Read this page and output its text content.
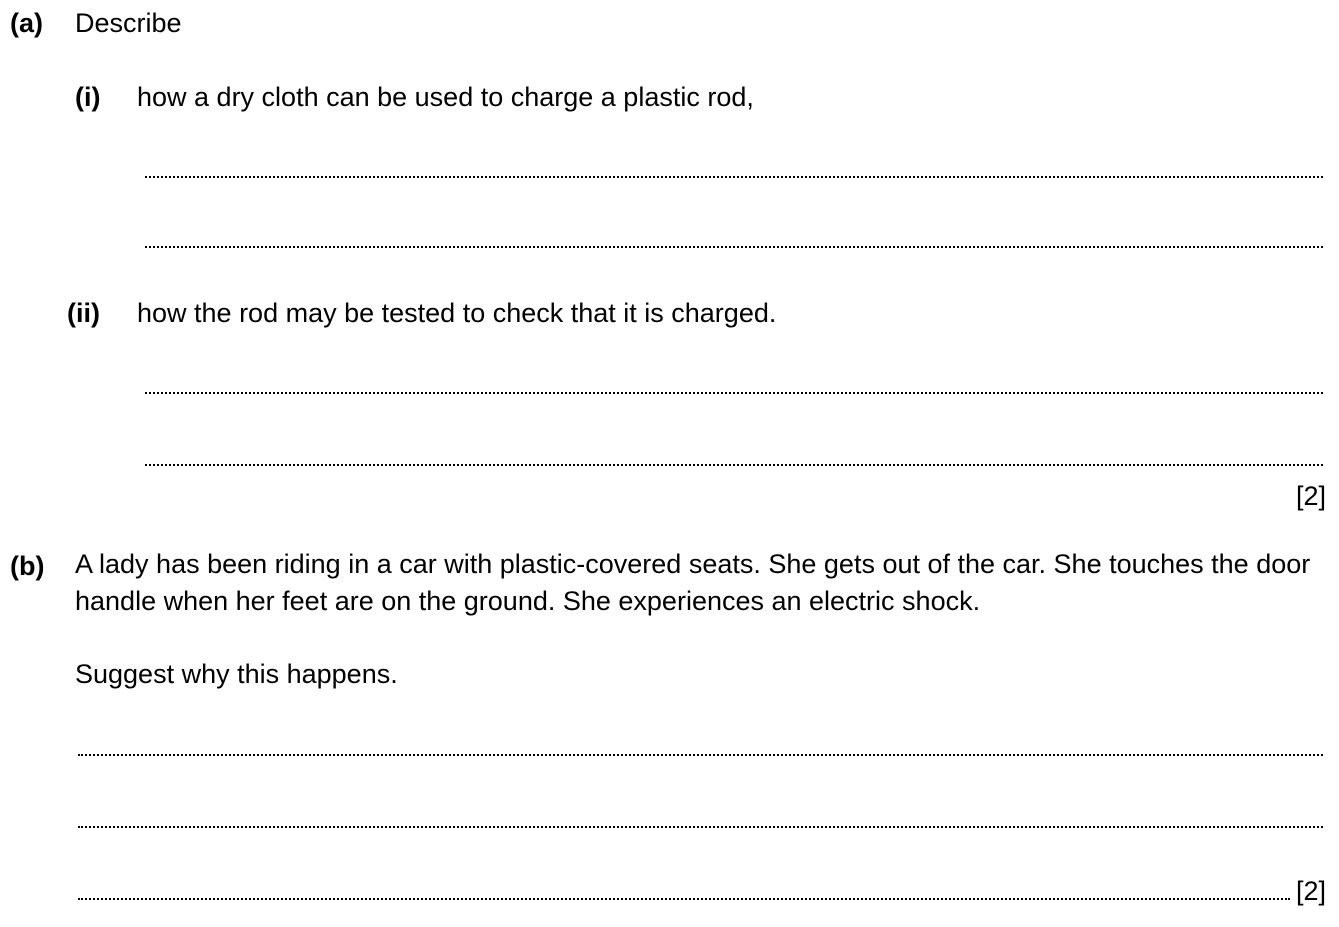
(a) Describe
(i) how a dry cloth can be used to charge a plastic rod,
(ii) how the rod may be tested to check that it is charged.
[2]
(b) A lady has been riding in a car with plastic-covered seats. She gets out of the car. She touches the door handle when her feet are on the ground. She experiences an electric shock.
Suggest why this happens.
[2]
